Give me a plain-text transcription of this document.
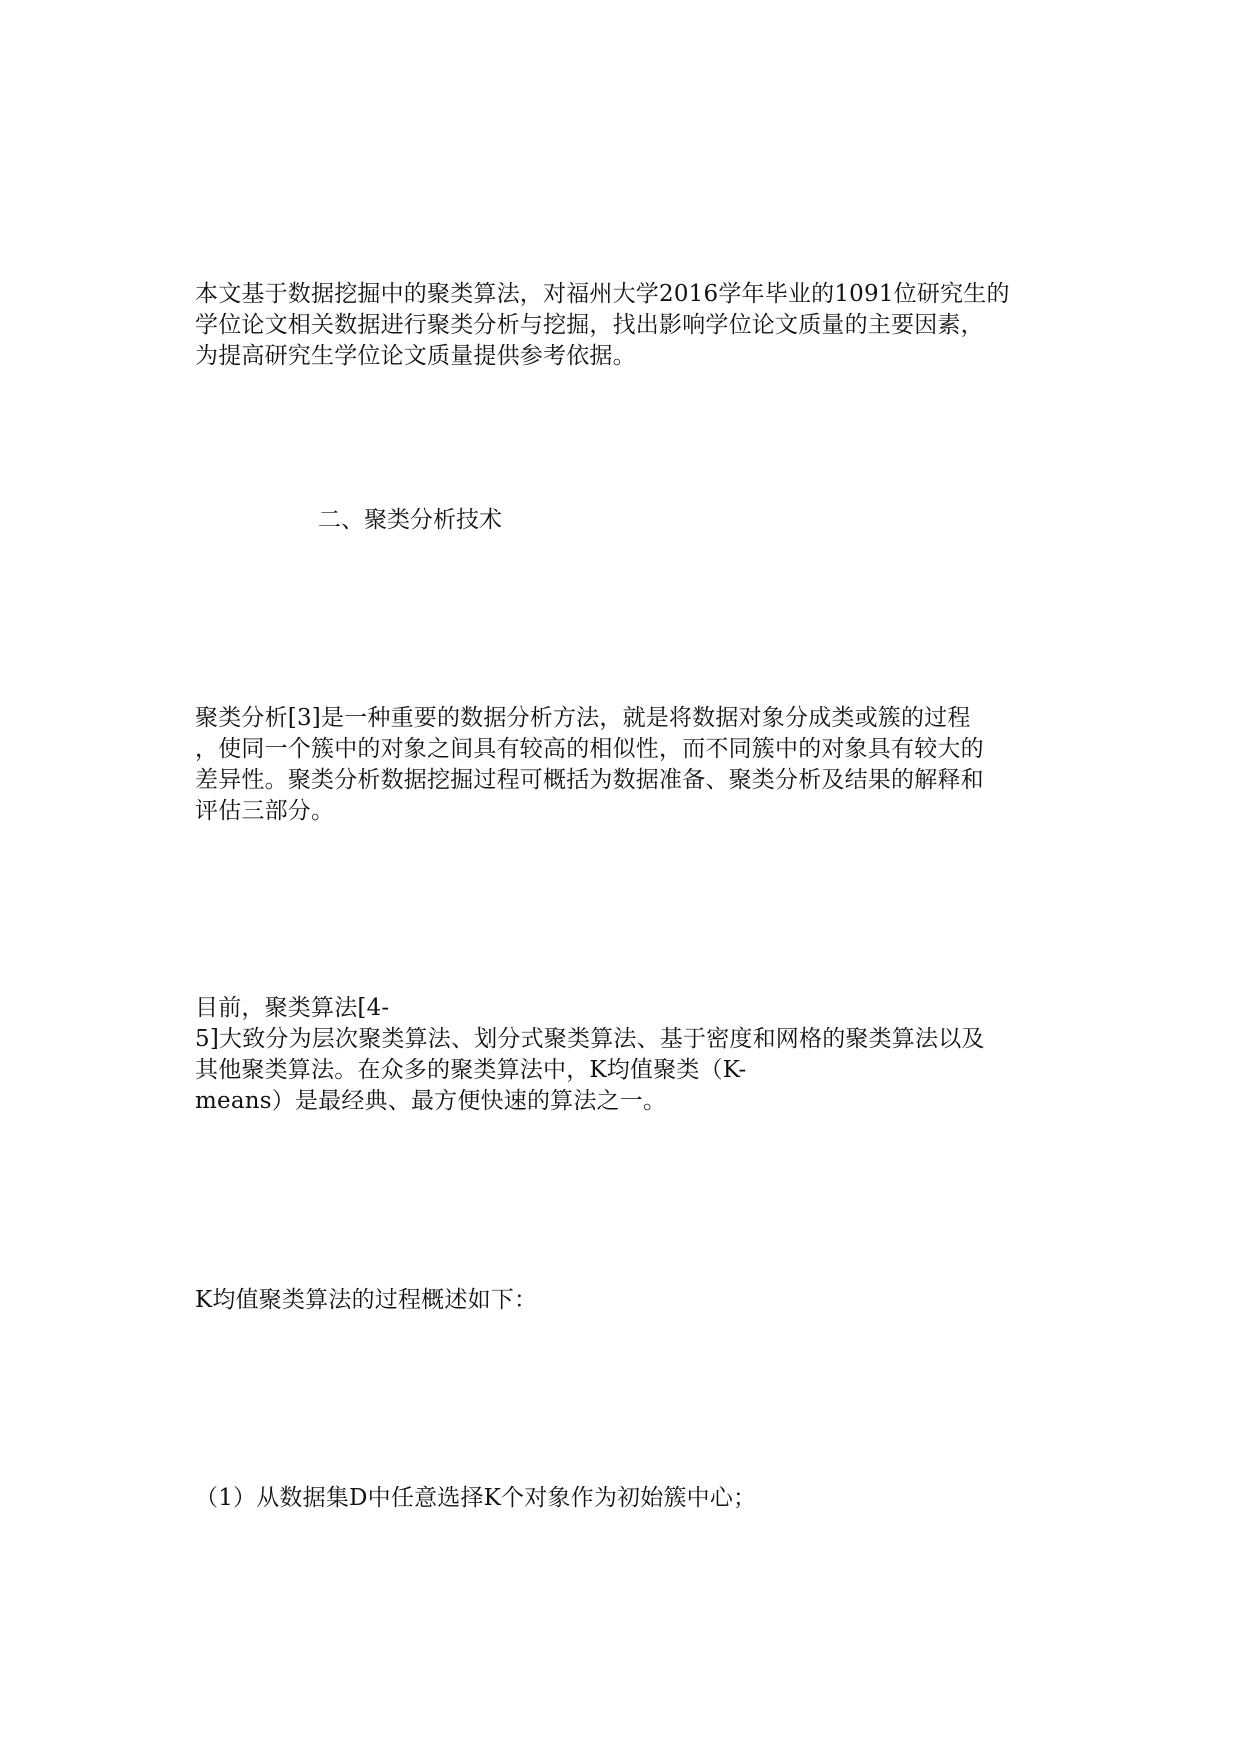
本文基于数据挖掘中的聚类算法，对福州大学2016学年毕业的1091位研究生的
学位论文相关数据进行聚类分析与挖掘，找出影响学位论文质量的主要因素，
为提高研究生学位论文质量提供参考依据。
二、聚类分析技术
聚类分析[3]是一种重要的数据分析方法，就是将数据对象分成类或簇的过程
，使同一个簇中的对象之间具有较高的相似性，而不同簇中的对象具有较大的
差异性。聚类分析数据挖掘过程可概括为数据准备、聚类分析及结果的解释和
评估三部分。
目前，聚类算法[4-
5]大致分为层次聚类算法、划分式聚类算法、基于密度和网格的聚类算法以及
其他聚类算法。在众多的聚类算法中，K均值聚类（K-
means）是最经典、最方便快速的算法之一。
K均值聚类算法的过程概述如下：
（1）从数据集D中任意选择K个对象作为初始簇中心；
